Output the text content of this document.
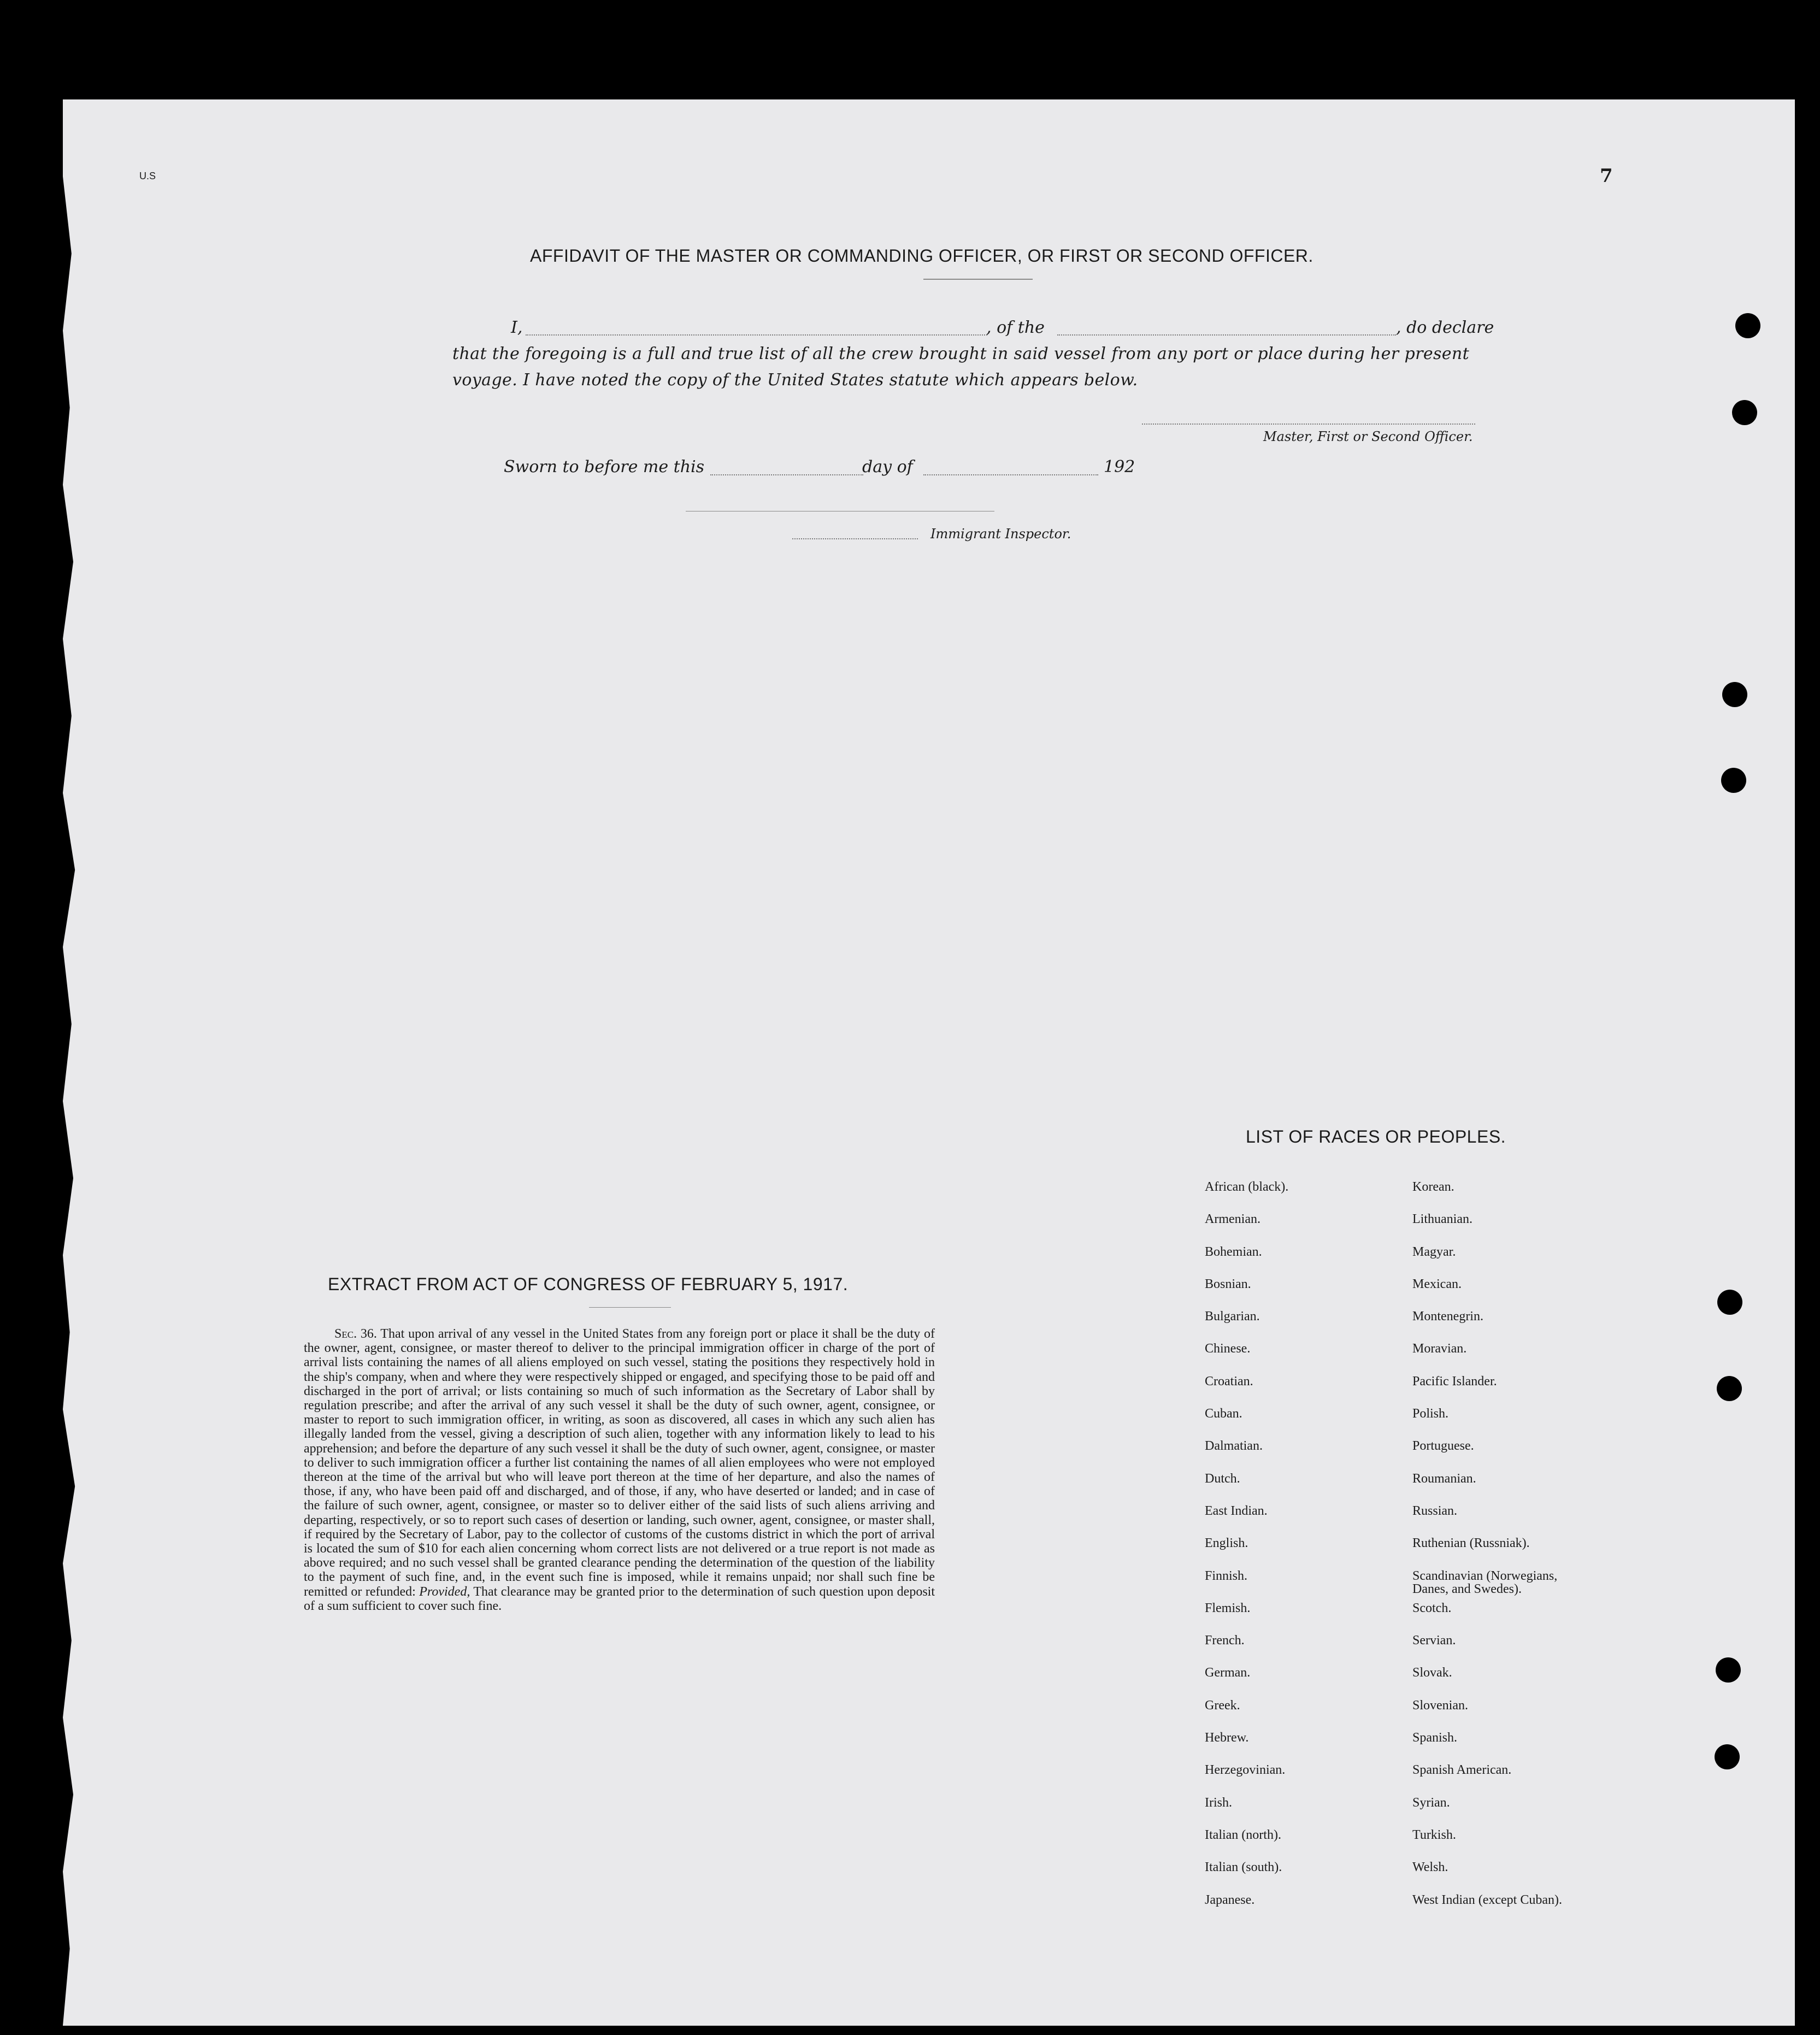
U.S	7
AFFIDAVIT OF THE MASTER OR COMMANDING OFFICER, OR FIRST OR SECOND OFFICER.
I,	, of the	, do declare
that the foregoing is a full and true list of all the crew brought in said vessel from any port or place during her present
voyage. I have noted the copy of the United States statute which appears below.
Master, First or Second Officer.
Sworn to before me this	day of	192
Immigrant Inspector.
LIST OF RACES OR PEOPLES.
African (black).	Korean.
Armenian.	Lithuanian.
Bohemian.	Magyar.
Bosnian.	Mexican.
Bulgarian.	Montenegrin.
Chinese.	Moravian.
Croatian.	Pacific Islander.
Cuban.	Polish.
Dalmatian.	Portuguese.
Dutch.	Roumanian.
East Indian.	Russian.
English.	Ruthenian (Russniak).
Finnish.	Scandinavian (Norwegians, Danes, and Swedes).
Flemish.	Scotch.
French.	Servian.
German.	Slovak.
Greek.	Slovenian.
Hebrew.	Spanish.
Herzegovinian.	Spanish American.
Irish.	Syrian.
Italian (north).	Turkish.
Italian (south).	Welsh.
Japanese.	West Indian (except Cuban).
EXTRACT FROM ACT OF CONGRESS OF FEBRUARY 5, 1917.
Sec. 36. That upon arrival of any vessel in the United States from any foreign port or place it shall be the duty of the owner, agent, consignee, or master thereof to deliver to the principal immigration officer in charge of the port of arrival lists containing the names of all aliens employed on such vessel, stating the positions they respectively hold in the ship's company, when and where they were respectively shipped or engaged, and specifying those to be paid off and discharged in the port of arrival; or lists containing so much of such information as the Secretary of Labor shall by regulation prescribe; and after the arrival of any such vessel it shall be the duty of such owner, agent, consignee, or master to report to such immigration officer, in writing, as soon as discovered, all cases in which any such alien has illegally landed from the vessel, giving a description of such alien, together with any information likely to lead to his apprehension; and before the departure of any such vessel it shall be the duty of such owner, agent, consignee, or master to deliver to such immigration officer a further list containing the names of all alien employees who were not employed thereon at the time of the arrival but who will leave port thereon at the time of her departure, and also the names of those, if any, who have been paid off and discharged, and of those, if any, who have deserted or landed; and in case of the failure of such owner, agent, consignee, or master so to deliver either of the said lists of such aliens arriving and departing, respectively, or so to report such cases of desertion or landing, such owner, agent, consignee, or master shall, if required by the Secretary of Labor, pay to the collector of customs of the customs district in which the port of arrival is located the sum of $10 for each alien concerning whom correct lists are not delivered or a true report is not made as above required; and no such vessel shall be granted clearance pending the determination of the question of the liability to the payment of such fine, and, in the event such fine is imposed, while it remains unpaid; nor shall such fine be remitted or refunded: Provided, That clearance may be granted prior to the determination of such question upon deposit of a sum sufficient to cover such fine.
